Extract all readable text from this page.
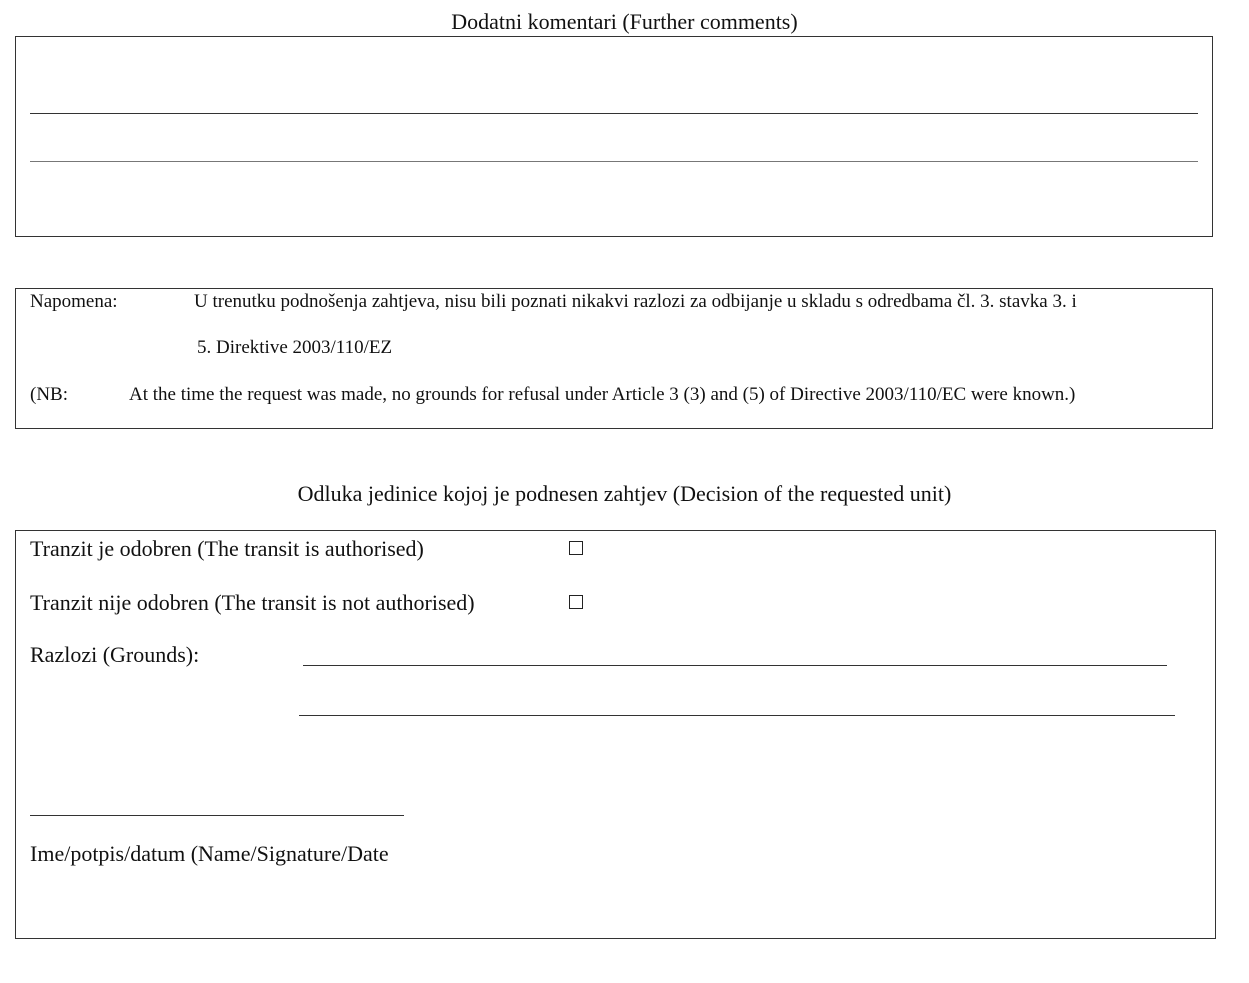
Dodatni komentari (Further comments)
Napomena:	U trenutku podnošenja zahtjeva, nisu bili poznati nikakvi razlozi za odbijanje u skladu s odredbama čl. 3. stavka 3. i
5. Direktive 2003/110/EZ
(NB:	At the time the request was made, no grounds for refusal under Article 3 (3) and (5) of Directive 2003/110/EC were known.)
Odluka jedinice kojoj je podnesen zahtjev (Decision of the requested unit)
Tranzit je odobren (The transit is authorised)
Tranzit nije odobren (The transit is not authorised)
Razlozi (Grounds):
Ime/potpis/datum (Name/Signature/Date
